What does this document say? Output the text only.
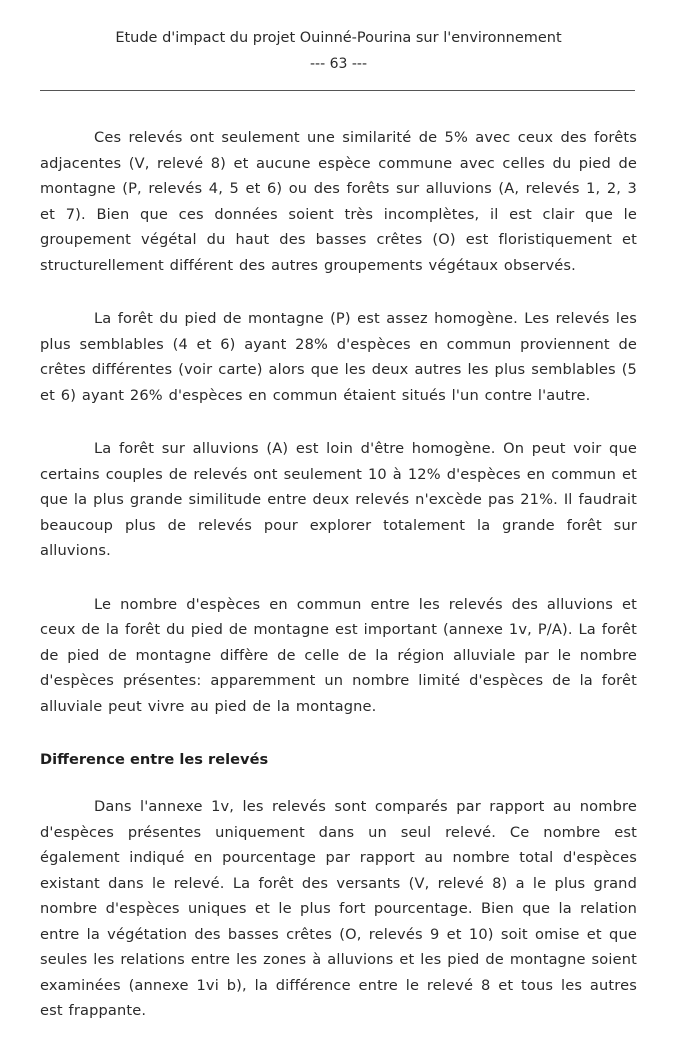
Etude d'impact du projet Ouinné-Pourina sur l'environnement
--- 63 ---

Ces relevés ont seulement une similarité de 5% avec ceux des forêts adjacentes (V, relevé 8) et aucune espèce commune avec celles du pied de montagne (P, relevés 4, 5 et 6) ou des forêts sur alluvions (A, relevés 1, 2, 3 et 7). Bien que ces données soient très incomplètes, il est clair que le groupement végétal du haut des basses crêtes (O) est floristiquement et structurellement différent des autres groupements végétaux observés.

La forêt du pied de montagne (P) est assez homogène. Les relevés les plus semblables (4 et 6) ayant 28% d'espèces en commun proviennent de crêtes différentes (voir carte) alors que les deux autres les plus semblables (5 et 6) ayant 26% d'espèces en commun étaient situés l'un contre l'autre.

La forêt sur alluvions (A) est loin d'être homogène. On peut voir que certains couples de relevés ont seulement 10 à 12% d'espèces en commun et que la plus grande similitude entre deux relevés n'excède pas 21%. Il faudrait beaucoup plus de relevés pour explorer totalement la grande forêt sur alluvions.

Le nombre d'espèces en commun entre les relevés des alluvions et ceux de la forêt du pied de montagne est important (annexe 1v, P/A). La forêt de pied de montagne diffère de celle de la région alluviale par le nombre d'espèces présentes: apparemment un nombre limité d'espèces de la forêt alluviale peut vivre au pied de la montagne.

Difference entre les relevés

Dans l'annexe 1v, les relevés sont comparés par rapport au nombre d'espèces présentes uniquement dans un seul relevé. Ce nombre est également indiqué en pourcentage par rapport au nombre total d'espèces existant dans le relevé. La forêt des versants (V, relevé 8) a le plus grand nombre d'espèces uniques et le plus fort pourcentage. Bien que la relation entre la végétation des basses crêtes (O, relevés 9 et 10) soit omise et que seules les relations entre les zones à alluvions et les pied de montagne soient examinées (annexe 1vi b), la différence entre le relevé 8 et tous les autres est frappante.
